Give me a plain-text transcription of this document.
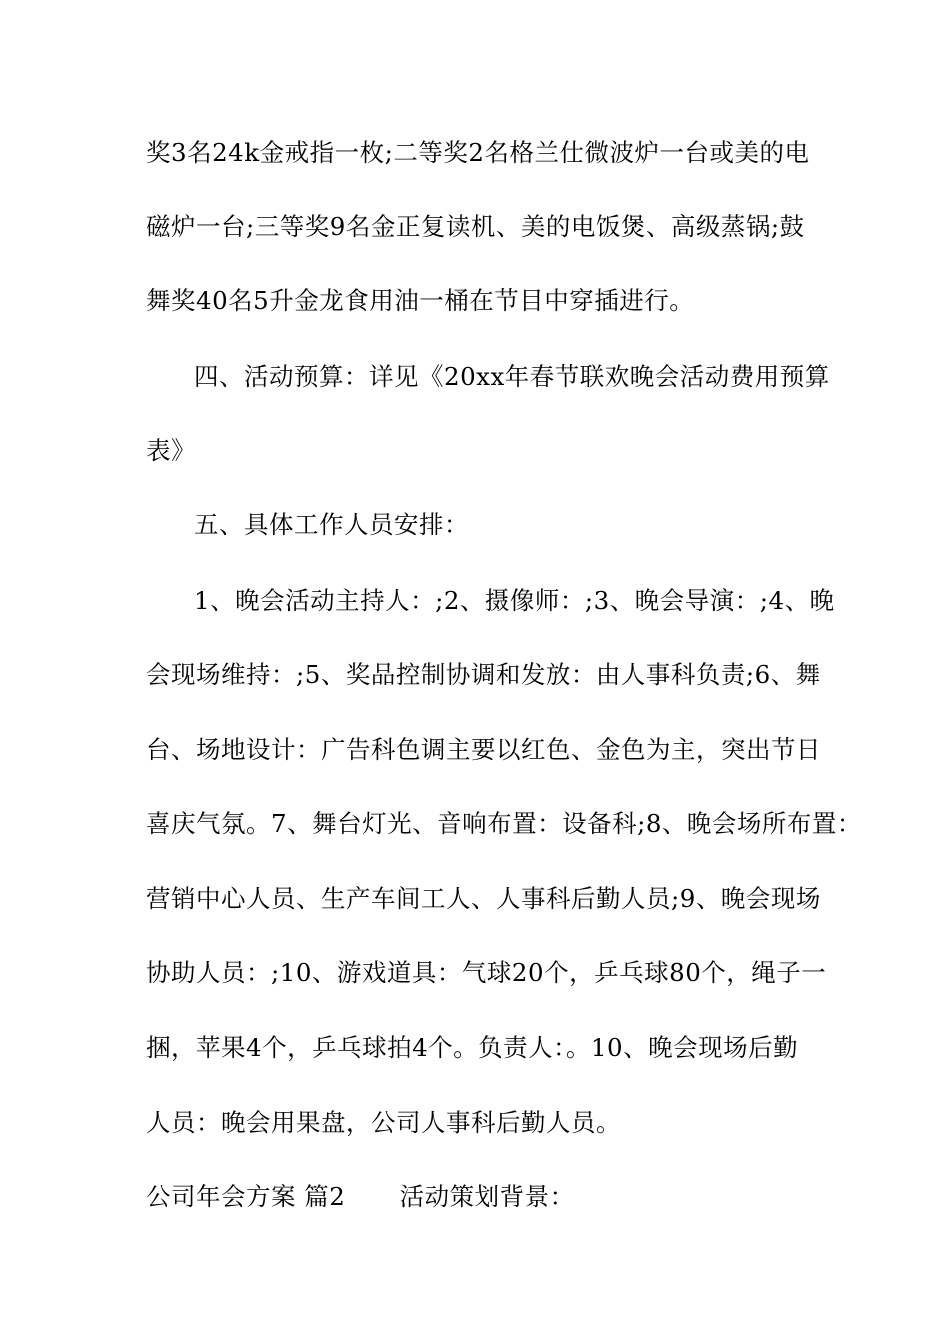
奖3名24k金戒指一枚;二等奖2名格兰仕微波炉一台或美的电
磁炉一台;三等奖9名金正复读机、美的电饭煲、高级蒸锅;鼓
舞奖40名5升金龙食用油一桶在节目中穿插进行。
四、活动预算：详见《20xx年春节联欢晚会活动费用预算
表》
五、具体工作人员安排：
1、晚会活动主持人：;2、摄像师：;3、晚会导演：;4、晚
会现场维持：;5、奖品控制协调和发放：由人事科负责;6、舞
台、场地设计：广告科色调主要以红色、金色为主，突出节日
喜庆气氛。7、舞台灯光、音响布置：设备科;8、晚会场所布置：
营销中心人员、生产车间工人、人事科后勤人员;9、晚会现场
协助人员：;10、游戏道具：气球20个，乒乓球80个，绳子一
捆，苹果4个，乒乓球拍4个。负责人：。10、晚会现场后勤
人员：晚会用果盘，公司人事科后勤人员。
公司年会方案 篇2 活动策划背景：
